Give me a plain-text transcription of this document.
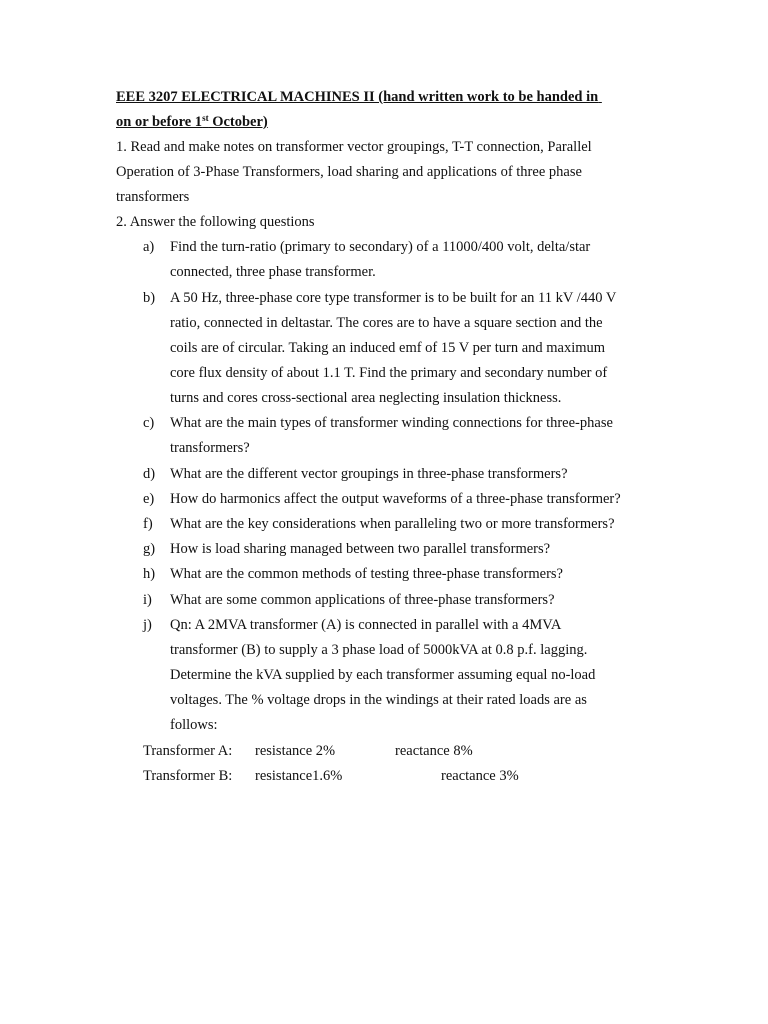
EEE 3207 ELECTRICAL MACHINES II (hand written work to be handed in
on or before 1st October)
1. Read and make notes on transformer vector groupings, T-T connection, Parallel
Operation of 3-Phase Transformers, load sharing and applications of three phase
transformers
2. Answer the following questions
a) Find the turn-ratio (primary to secondary) of a 11000/400 volt, delta/star
connected, three phase transformer.
b) A 50 Hz, three-phase core type transformer is to be built for an 11 kV /440 V
ratio, connected in deltastar. The cores are to have a square section and the
coils are of circular. Taking an induced emf of 15 V per turn and maximum
core flux density of about 1.1 T. Find the primary and secondary number of
turns and cores cross-sectional area neglecting insulation thickness.
c) What are the main types of transformer winding connections for three-phase
transformers?
d) What are the different vector groupings in three-phase transformers?
e) How do harmonics affect the output waveforms of a three-phase transformer?
f) What are the key considerations when paralleling two or more transformers?
g) How is load sharing managed between two parallel transformers?
h) What are the common methods of testing three-phase transformers?
i) What are some common applications of three-phase transformers?
j) Qn: A 2MVA transformer (A) is connected in parallel with a 4MVA
transformer (B) to supply a 3 phase load of 5000kVA at 0.8 p.f. lagging.
Determine the kVA supplied by each transformer assuming equal no-load
voltages. The % voltage drops in the windings at their rated loads are as
follows:
Transformer A: resistance 2%	reactance 8%
Transformer B: resistance1.6%	reactance 3%
